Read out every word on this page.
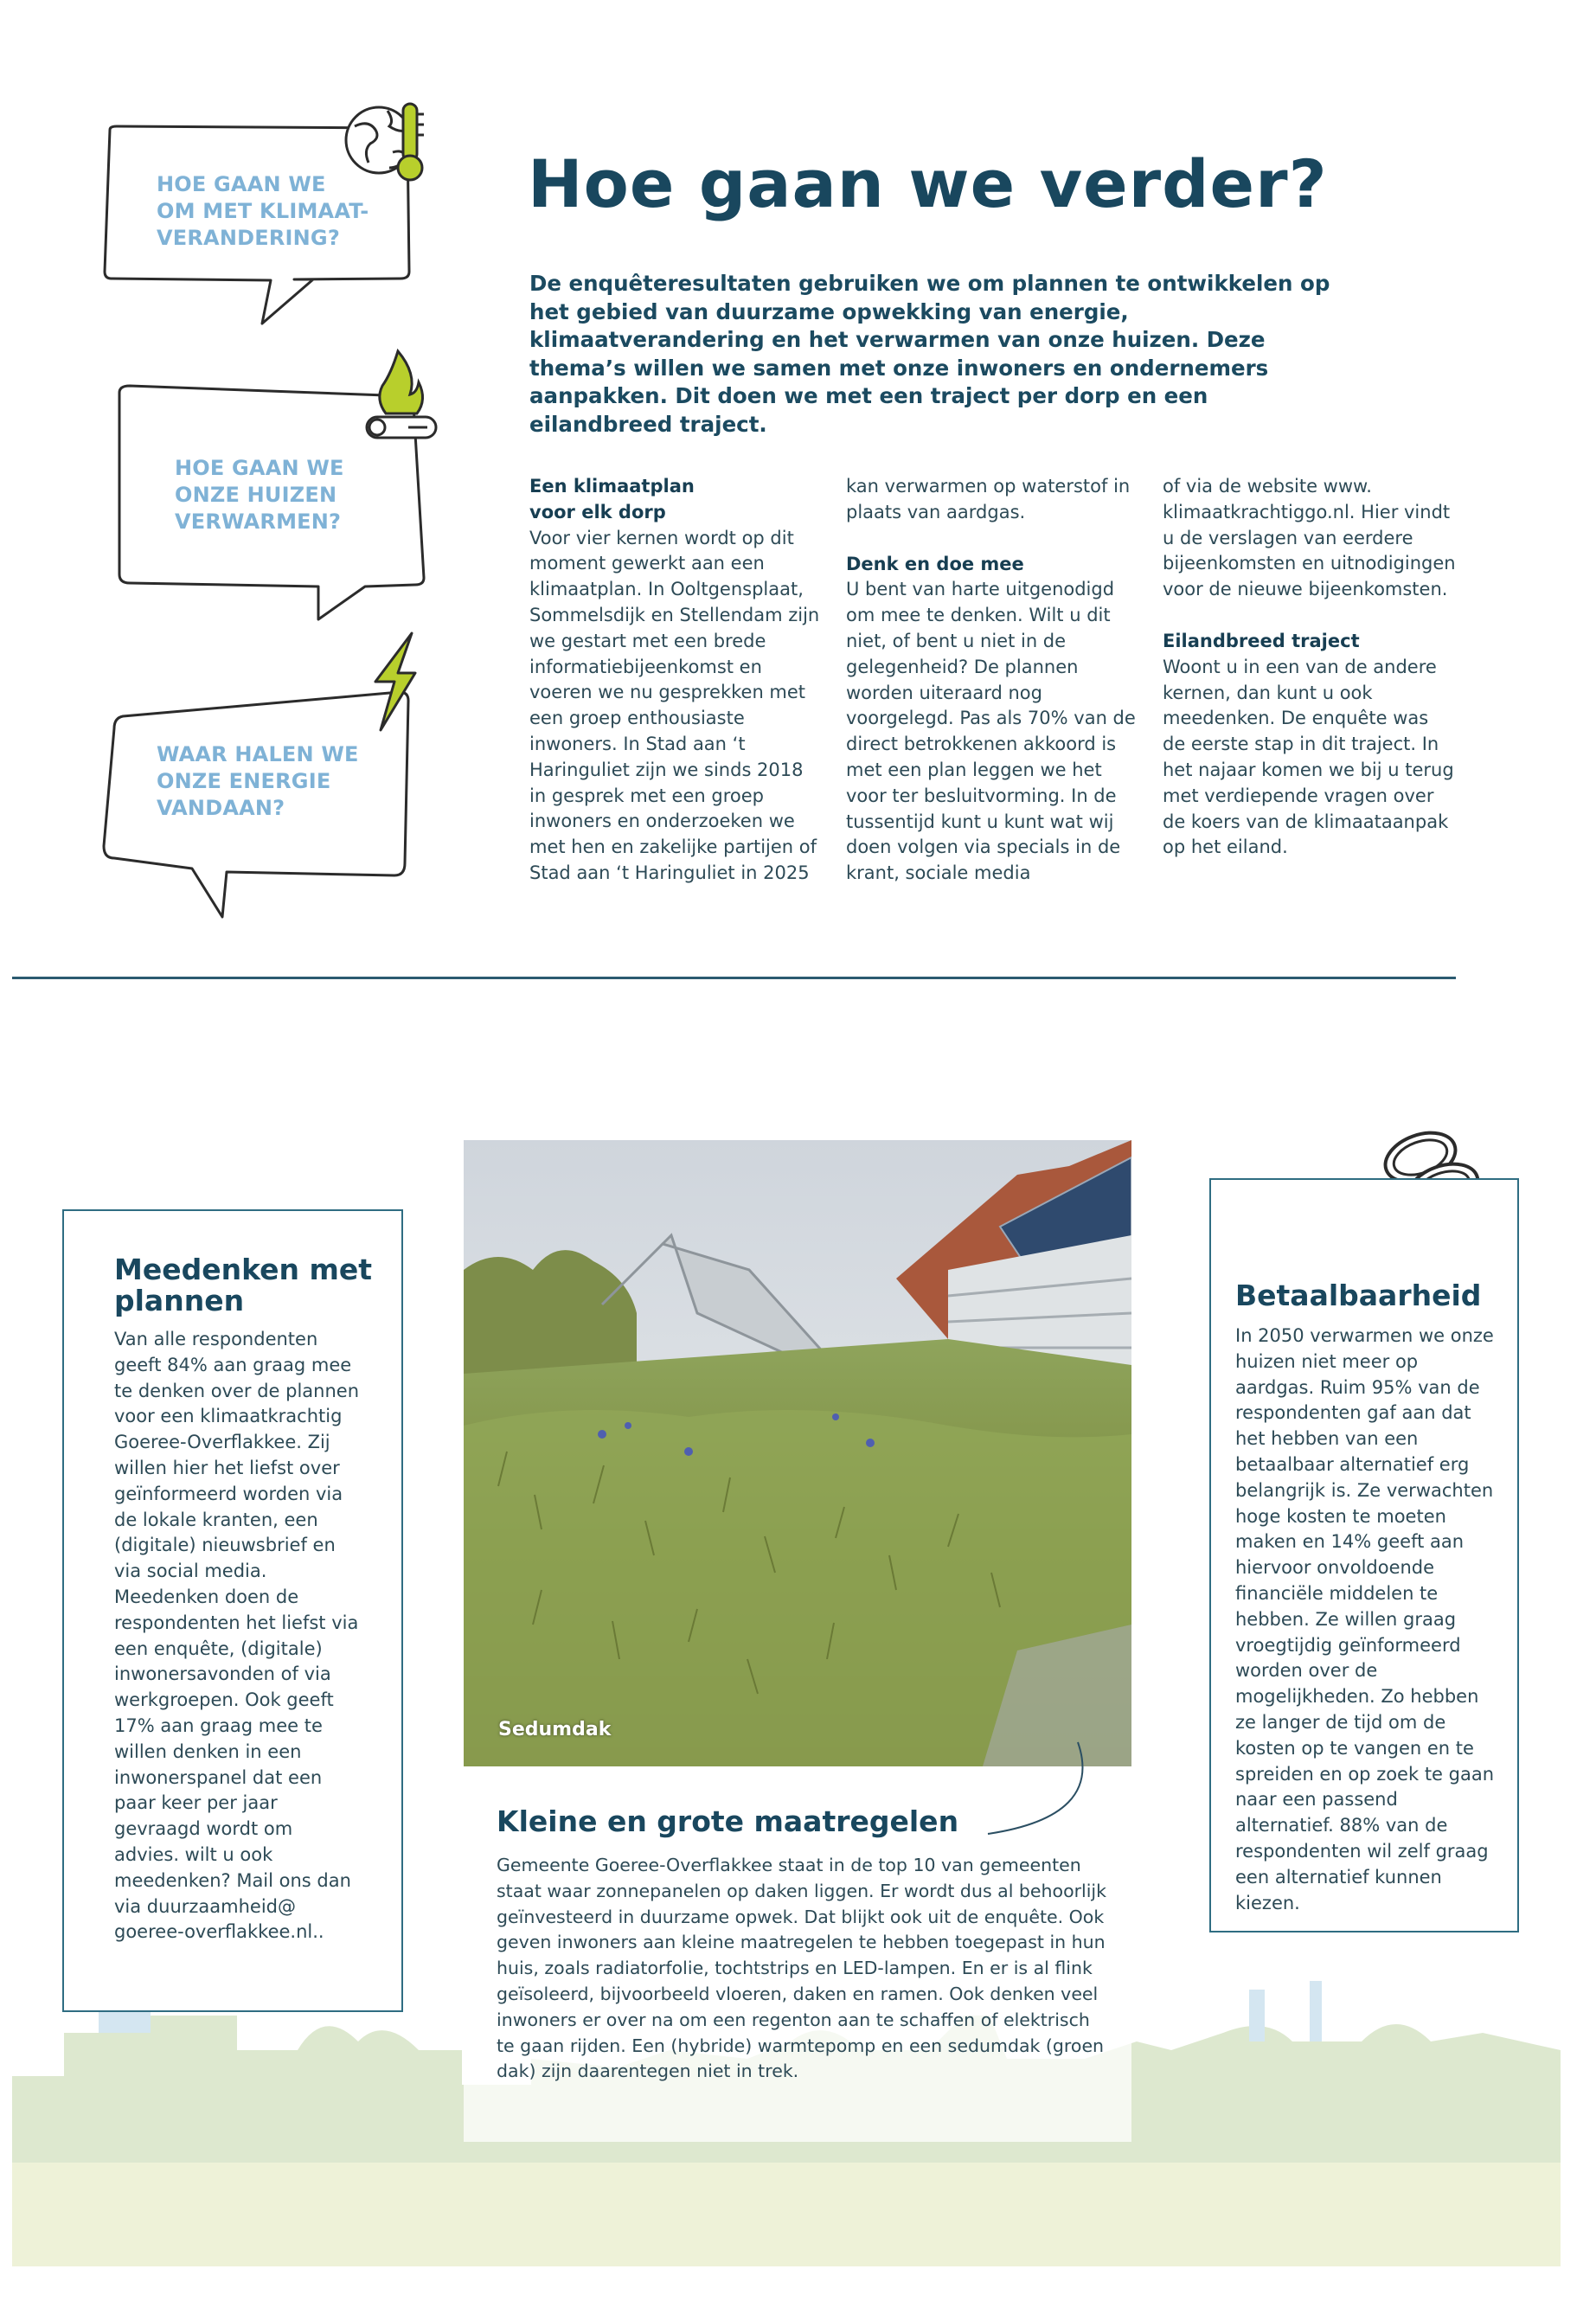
HOE GAAN WE
OM MET KLIMAAT-
VERANDERING?
HOE GAAN WE
ONZE HUIZEN
VERWARMEN?
WAAR HALEN WE
ONZE ENERGIE
VANDAAN?
Hoe gaan we verder?

De enquêteresultaten gebruiken we om plannen te ontwikkelen op het gebied van duurzame opwekking van energie, klimaatverandering en het verwarmen van onze huizen. Deze thema’s willen we samen met onze inwoners en ondernemers aanpakken. Dit doen we met een traject per dorp en een eilandbreed traject.

Een klimaatplan voor elk dorp

Voor vier kernen wordt op dit moment gewerkt aan een klimaatplan. In Ooltgensplaat, Sommelsdijk en Stellendam zijn we gestart met een brede informatiebijeenkomst en voeren we nu gesprekken met een groep enthousiaste inwoners. In Stad aan ‘t Haringuliet zijn we sinds 2018 in gesprek met een groep inwoners en onderzoeken we met hen en zakelijke partijen of Stad aan ‘t Haringuliet in 2025

kan verwarmen op waterstof in plaats van aardgas.

Denk en doe mee

U bent van harte uitgenodigd om mee te denken. Wilt u dit niet, of bent u niet in de gelegenheid? De plannen worden uiteraard nog voorgelegd. Pas als 70% van de direct betrokkenen akkoord is met een plan leggen we het voor ter besluitvorming. In de tussentijd kunt u kunt wat wij doen volgen via specials in de krant, sociale media

of via de website www. klimaatkrachtiggo.nl. Hier vindt u de verslagen van eerdere bijeenkomsten en uitnodigingen voor de nieuwe bijeenkomsten.

Eilandbreed traject

Woont u in een van de andere kernen, dan kunt u ook meedenken. De enquête was de eerste stap in dit traject. In het najaar komen we bij u terug met verdiepende vragen over de koers van de klimaataanpak op het eiland.

Meedenken met plannen

Van alle respondenten geeft 84% aan graag mee te denken over de plannen voor een klimaatkrachtig Goeree-Overflakkee. Zij willen hier het liefst over geïnformeerd worden via de lokale kranten, een (digitale) nieuwsbrief en via social media. Meedenken doen de respondenten het liefst via een enquête, (digitale) inwonersavonden of via werkgroepen. Ook geeft 17% aan graag mee te willen denken in een inwonerspanel dat een paar keer per jaar gevraagd wordt om advies. wilt u ook meedenken? Mail ons dan via duurzaamheid@ goeree-overflakkee.nl..

Sedumdak
Kleine en grote maatregelen

Gemeente Goeree-Overflakkee staat in de top 10 van gemeenten staat waar zonnepanelen op daken liggen. Er wordt dus al behoorlijk geïnvesteerd in duurzame opwek. Dat blijkt ook uit de enquête. Ook geven inwoners aan kleine maatregelen te hebben toegepast in hun huis, zoals radiatorfolie, tochtstrips en LED-lampen. En er is al flink geïsoleerd, bijvoorbeeld vloeren, daken en ramen. Ook denken veel inwoners er over na om een regenton aan te schaffen of elektrisch te gaan rijden. Een (hybride) warmtepomp en een sedumdak (groen dak) zijn daarentegen niet in trek.

Betaalbaarheid

In 2050 verwarmen we onze huizen niet meer op aardgas. Ruim 95% van de respondenten gaf aan dat het hebben van een betaalbaar alternatief erg belangrijk is. Ze verwachten hoge kosten te moeten maken en 14% geeft aan hiervoor onvoldoende financiële middelen te hebben. Ze willen graag vroegtijdig geïnformeerd worden over de mogelijkheden. Zo hebben ze langer de tijd om de kosten op te vangen en te spreiden en op zoek te gaan naar een passend alternatief. 88% van de respondenten wil zelf graag een alternatief kunnen kiezen.
